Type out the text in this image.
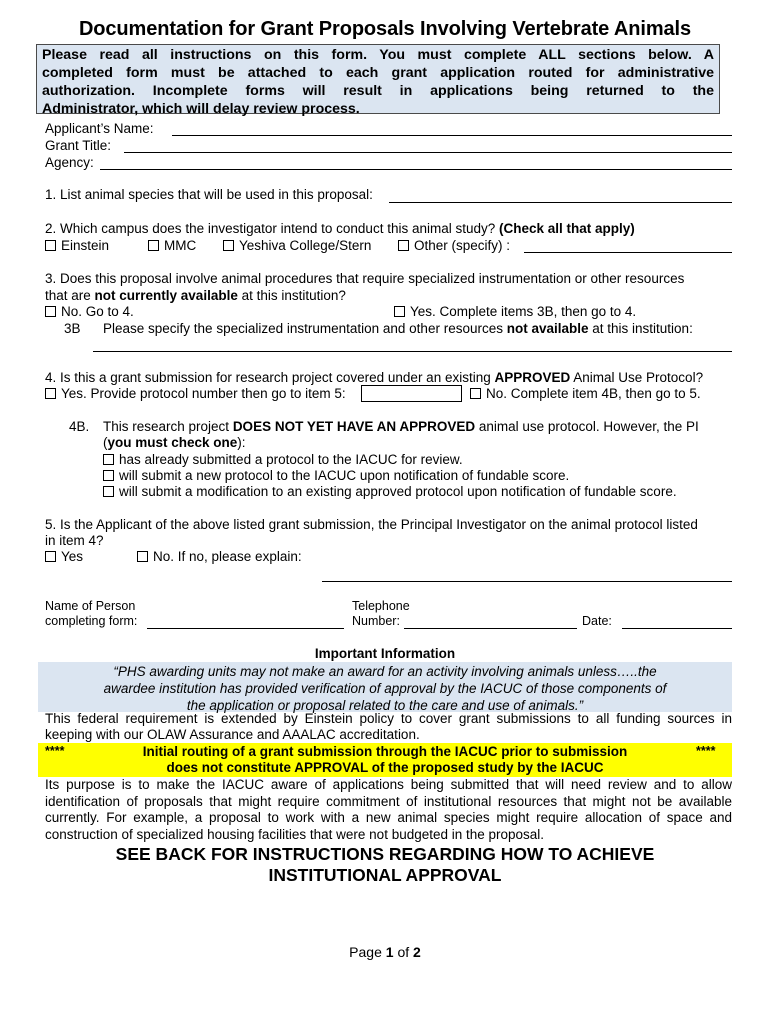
Documentation for Grant Proposals Involving Vertebrate Animals
Please read all instructions on this form. You must complete ALL sections below. A
completed form must be attached to each grant application routed for administrative
authorization. Incomplete forms will result in applications being returned to the
Administrator, which will delay review process.
Applicant’s Name:
Grant Title:
Agency:
1. List animal species that will be used in this proposal:
2. Which campus does the investigator intend to conduct this animal study? (Check all that apply)
Einstein	MMC	Yeshiva College/Stern	Other (specify) :
3. Does this proposal involve animal procedures that require specialized instrumentation or other resources
that are not currently available at this institution?
No. Go to 4.	Yes. Complete items 3B, then go to 4.
3B Please specify the specialized instrumentation and other resources not available at this institution:
4. Is this a grant submission for research project covered under an existing APPROVED Animal Use Protocol?
Yes. Provide protocol number then go to item 5:	No. Complete item 4B, then go to 5.
4B. This research project DOES NOT YET HAVE AN APPROVED animal use protocol. However, the PI
(you must check one):
has already submitted a protocol to the IACUC for review.
will submit a new protocol to the IACUC upon notification of fundable score.
will submit a modification to an existing approved protocol upon notification of fundable score.
5. Is the Applicant of the above listed grant submission, the Principal Investigator on the animal protocol listed
in item 4?
Yes	No. If no, please explain:
Name of Person
completing form:
Telephone
Number:	Date:
Important Information
“PHS awarding units may not make an award for an activity involving animals unless…..the
awardee institution has provided verification of approval by the IACUC of those components of
the application or proposal related to the care and use of animals.”
This federal requirement is extended by Einstein policy to cover grant submissions to all funding sources in
keeping with our OLAW Assurance and AAALAC accreditation.
****	****
Initial routing of a grant submission through the IACUC prior to submission
does not constitute APPROVAL of the proposed study by the IACUC
Its purpose is to make the IACUC aware of applications being submitted that will need review and to allow
identification of proposals that might require commitment of institutional resources that might not be available
currently. For example, a proposal to work with a new animal species might require allocation of space and
construction of specialized housing facilities that were not budgeted in the proposal.
SEE BACK FOR INSTRUCTIONS REGARDING HOW TO ACHIEVE
INSTITUTIONAL APPROVAL
Page 1 of 2
